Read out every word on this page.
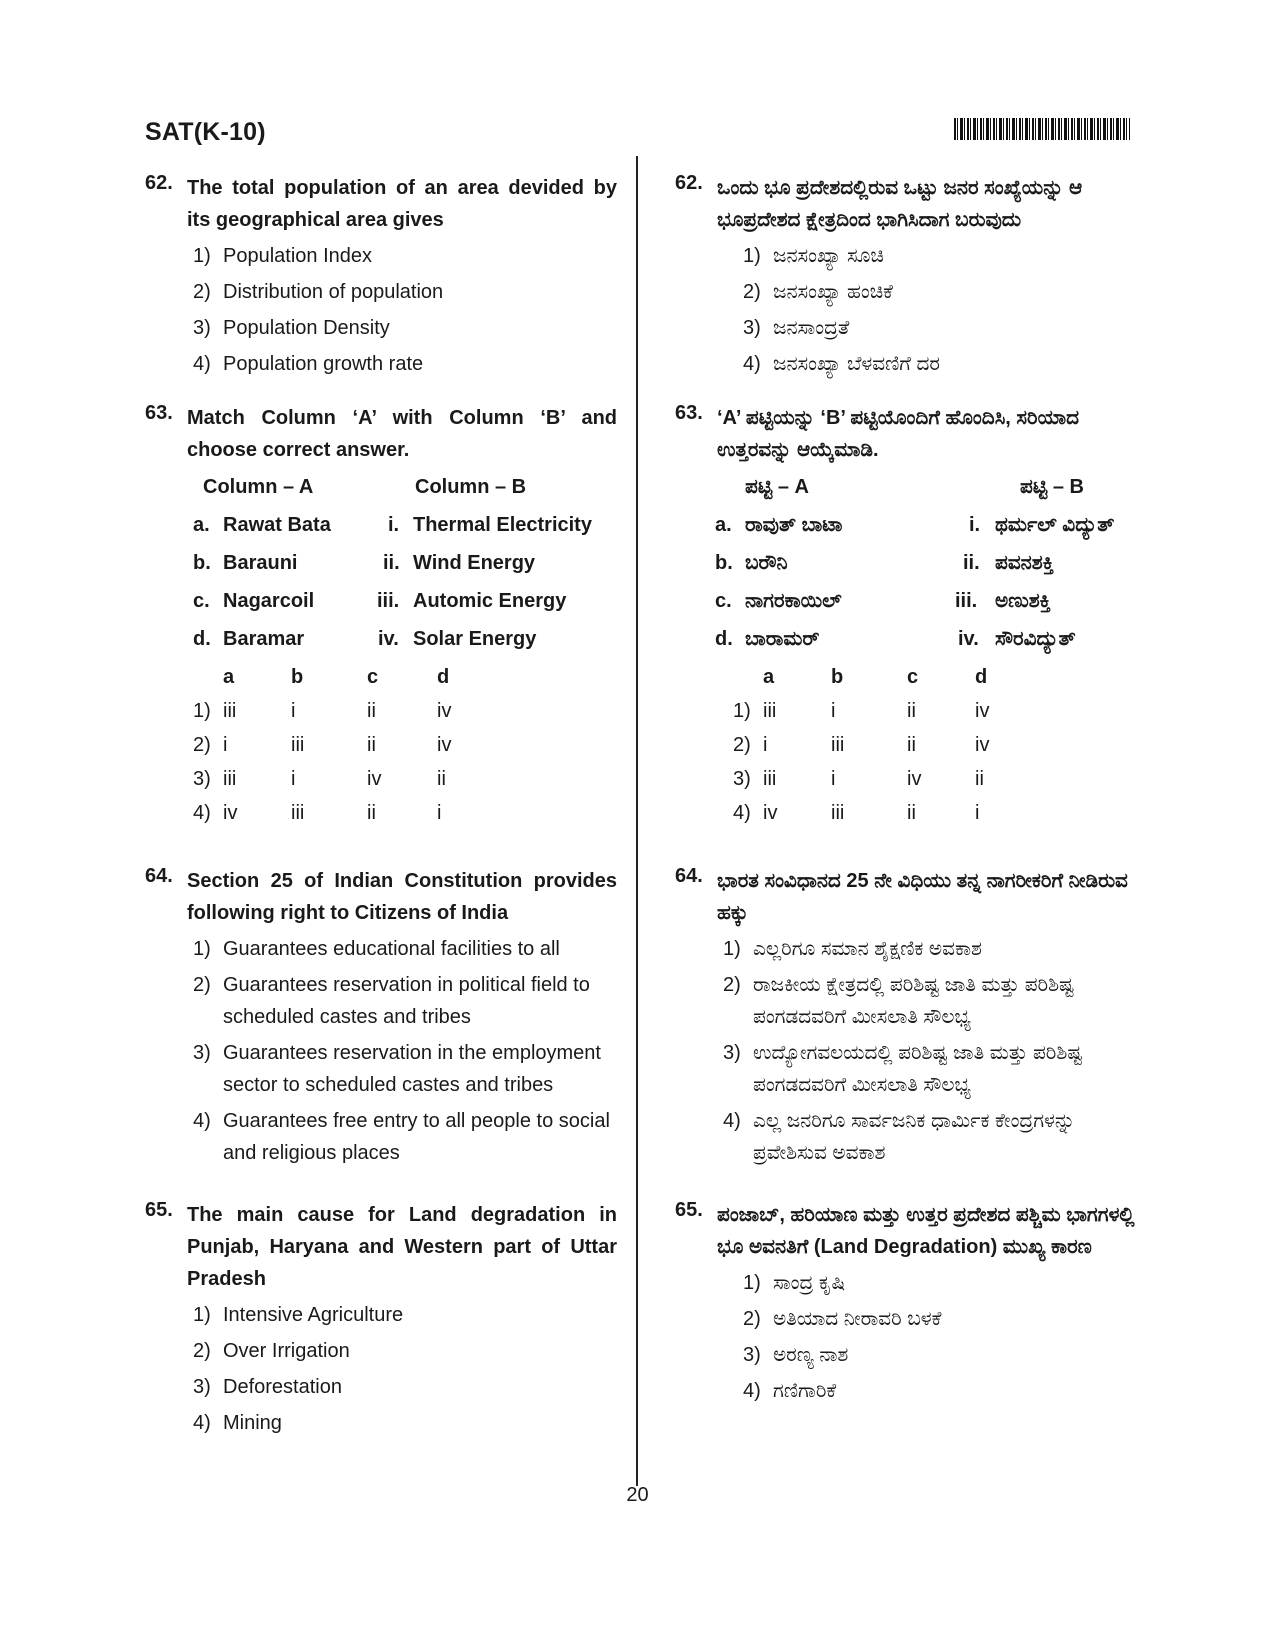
SAT(K-10)
20
62. The total population of an area devided by its geographical area gives
1) Population Index
2) Distribution of population
3) Population Density
4) Population growth rate
63. Match Column ‘A’ with Column ‘B’ and choose correct answer.
Column – A	Column – B
a. Rawat Bata	i. Thermal Electricity
b. Barauni	ii. Wind Energy
c. Nagarcoil	iii. Automic Energy
d. Baramar	iv. Solar Energy
a	b	c	d
1) iii	i	ii	iv
2) i	iii	ii	iv
3) iii	i	iv	ii
4) iv	iii	ii	i
64. Section 25 of Indian Constitution provides following right to Citizens of India
1) Guarantees educational facilities to all
2) Guarantees reservation in political field to scheduled castes and tribes
3) Guarantees reservation in the employment sector to scheduled castes and tribes
4) Guarantees free entry to all people to social and religious places
65. The main cause for Land degradation in Punjab, Haryana and Western part of Uttar Pradesh
1) Intensive Agriculture
2) Over Irrigation
3) Deforestation
4) Mining
62. ಒಂದು ಭೂ ಪ್ರದೇಶದಲ್ಲಿರುವ ಒಟ್ಟು ಜನರ ಸಂಖ್ಯೆಯನ್ನು ಆ ಭೂಪ್ರದೇಶದ ಕ್ಷೇತ್ರದಿಂದ ಭಾಗಿಸಿದಾಗ ಬರುವುದು
1) ಜನಸಂಖ್ಯಾ ಸೂಚಿ
2) ಜನಸಂಖ್ಯಾ ಹಂಚಿಕೆ
3) ಜನಸಾಂದ್ರತೆ
4) ಜನಸಂಖ್ಯಾ ಬೆಳವಣಿಗೆ ದರ
63. ‘A’ ಪಟ್ಟಿಯನ್ನು ‘B’ ಪಟ್ಟಿಯೊಂದಿಗೆ ಹೊಂದಿಸಿ, ಸರಿಯಾದ ಉತ್ತರವನ್ನು ಆಯ್ಕೆಮಾಡಿ.
ಪಟ್ಟಿ – A	ಪಟ್ಟಿ – B
a. ರಾವುತ್ ಬಾಟಾ	i. ಥರ್ಮಲ್ ವಿದ್ಯುತ್
b. ಬರೌನಿ	ii. ಪವನಶಕ್ತಿ
c. ನಾಗರಕಾಯಿಲ್	iii. ಅಣುಶಕ್ತಿ
d. ಬಾರಾಮರ್	iv. ಸೌರವಿದ್ಯುತ್
a	b	c	d
1) iii	i	ii	iv
2) i	iii	ii	iv
3) iii	i	iv	ii
4) iv	iii	ii	i
64. ಭಾರತ ಸಂವಿಧಾನದ 25 ನೇ ವಿಧಿಯು ತನ್ನ ನಾಗರೀಕರಿಗೆ ನೀಡಿರುವ ಹಕ್ಕು
1) ಎಲ್ಲರಿಗೂ ಸಮಾನ ಶೈಕ್ಷಣಿಕ ಅವಕಾಶ
2) ರಾಜಕೀಯ ಕ್ಷೇತ್ರದಲ್ಲಿ ಪರಿಶಿಷ್ಟ ಜಾತಿ ಮತ್ತು ಪರಿಶಿಷ್ಟ ಪಂಗಡದವರಿಗೆ ಮೀಸಲಾತಿ ಸೌಲಭ್ಯ
3) ಉದ್ಯೋಗವಲಯದಲ್ಲಿ ಪರಿಶಿಷ್ಟ ಜಾತಿ ಮತ್ತು ಪರಿಶಿಷ್ಟ ಪಂಗಡದವರಿಗೆ ಮೀಸಲಾತಿ ಸೌಲಭ್ಯ
4) ಎಲ್ಲ ಜನರಿಗೂ ಸಾರ್ವಜನಿಕ ಧಾರ್ಮಿಕ ಕೇಂದ್ರಗಳನ್ನು ಪ್ರವೇಶಿಸುವ ಅವಕಾಶ
65. ಪಂಜಾಬ್, ಹರಿಯಾಣ ಮತ್ತು ಉತ್ತರ ಪ್ರದೇಶದ ಪಶ್ಚಿಮ ಭಾಗಗಳಲ್ಲಿ ಭೂ ಅವನತಿಗೆ (Land Degradation) ಮುಖ್ಯ ಕಾರಣ
1) ಸಾಂದ್ರ ಕೃಷಿ
2) ಅತಿಯಾದ ನೀರಾವರಿ ಬಳಕೆ
3) ಅರಣ್ಯ ನಾಶ
4) ಗಣಿಗಾರಿಕೆ
